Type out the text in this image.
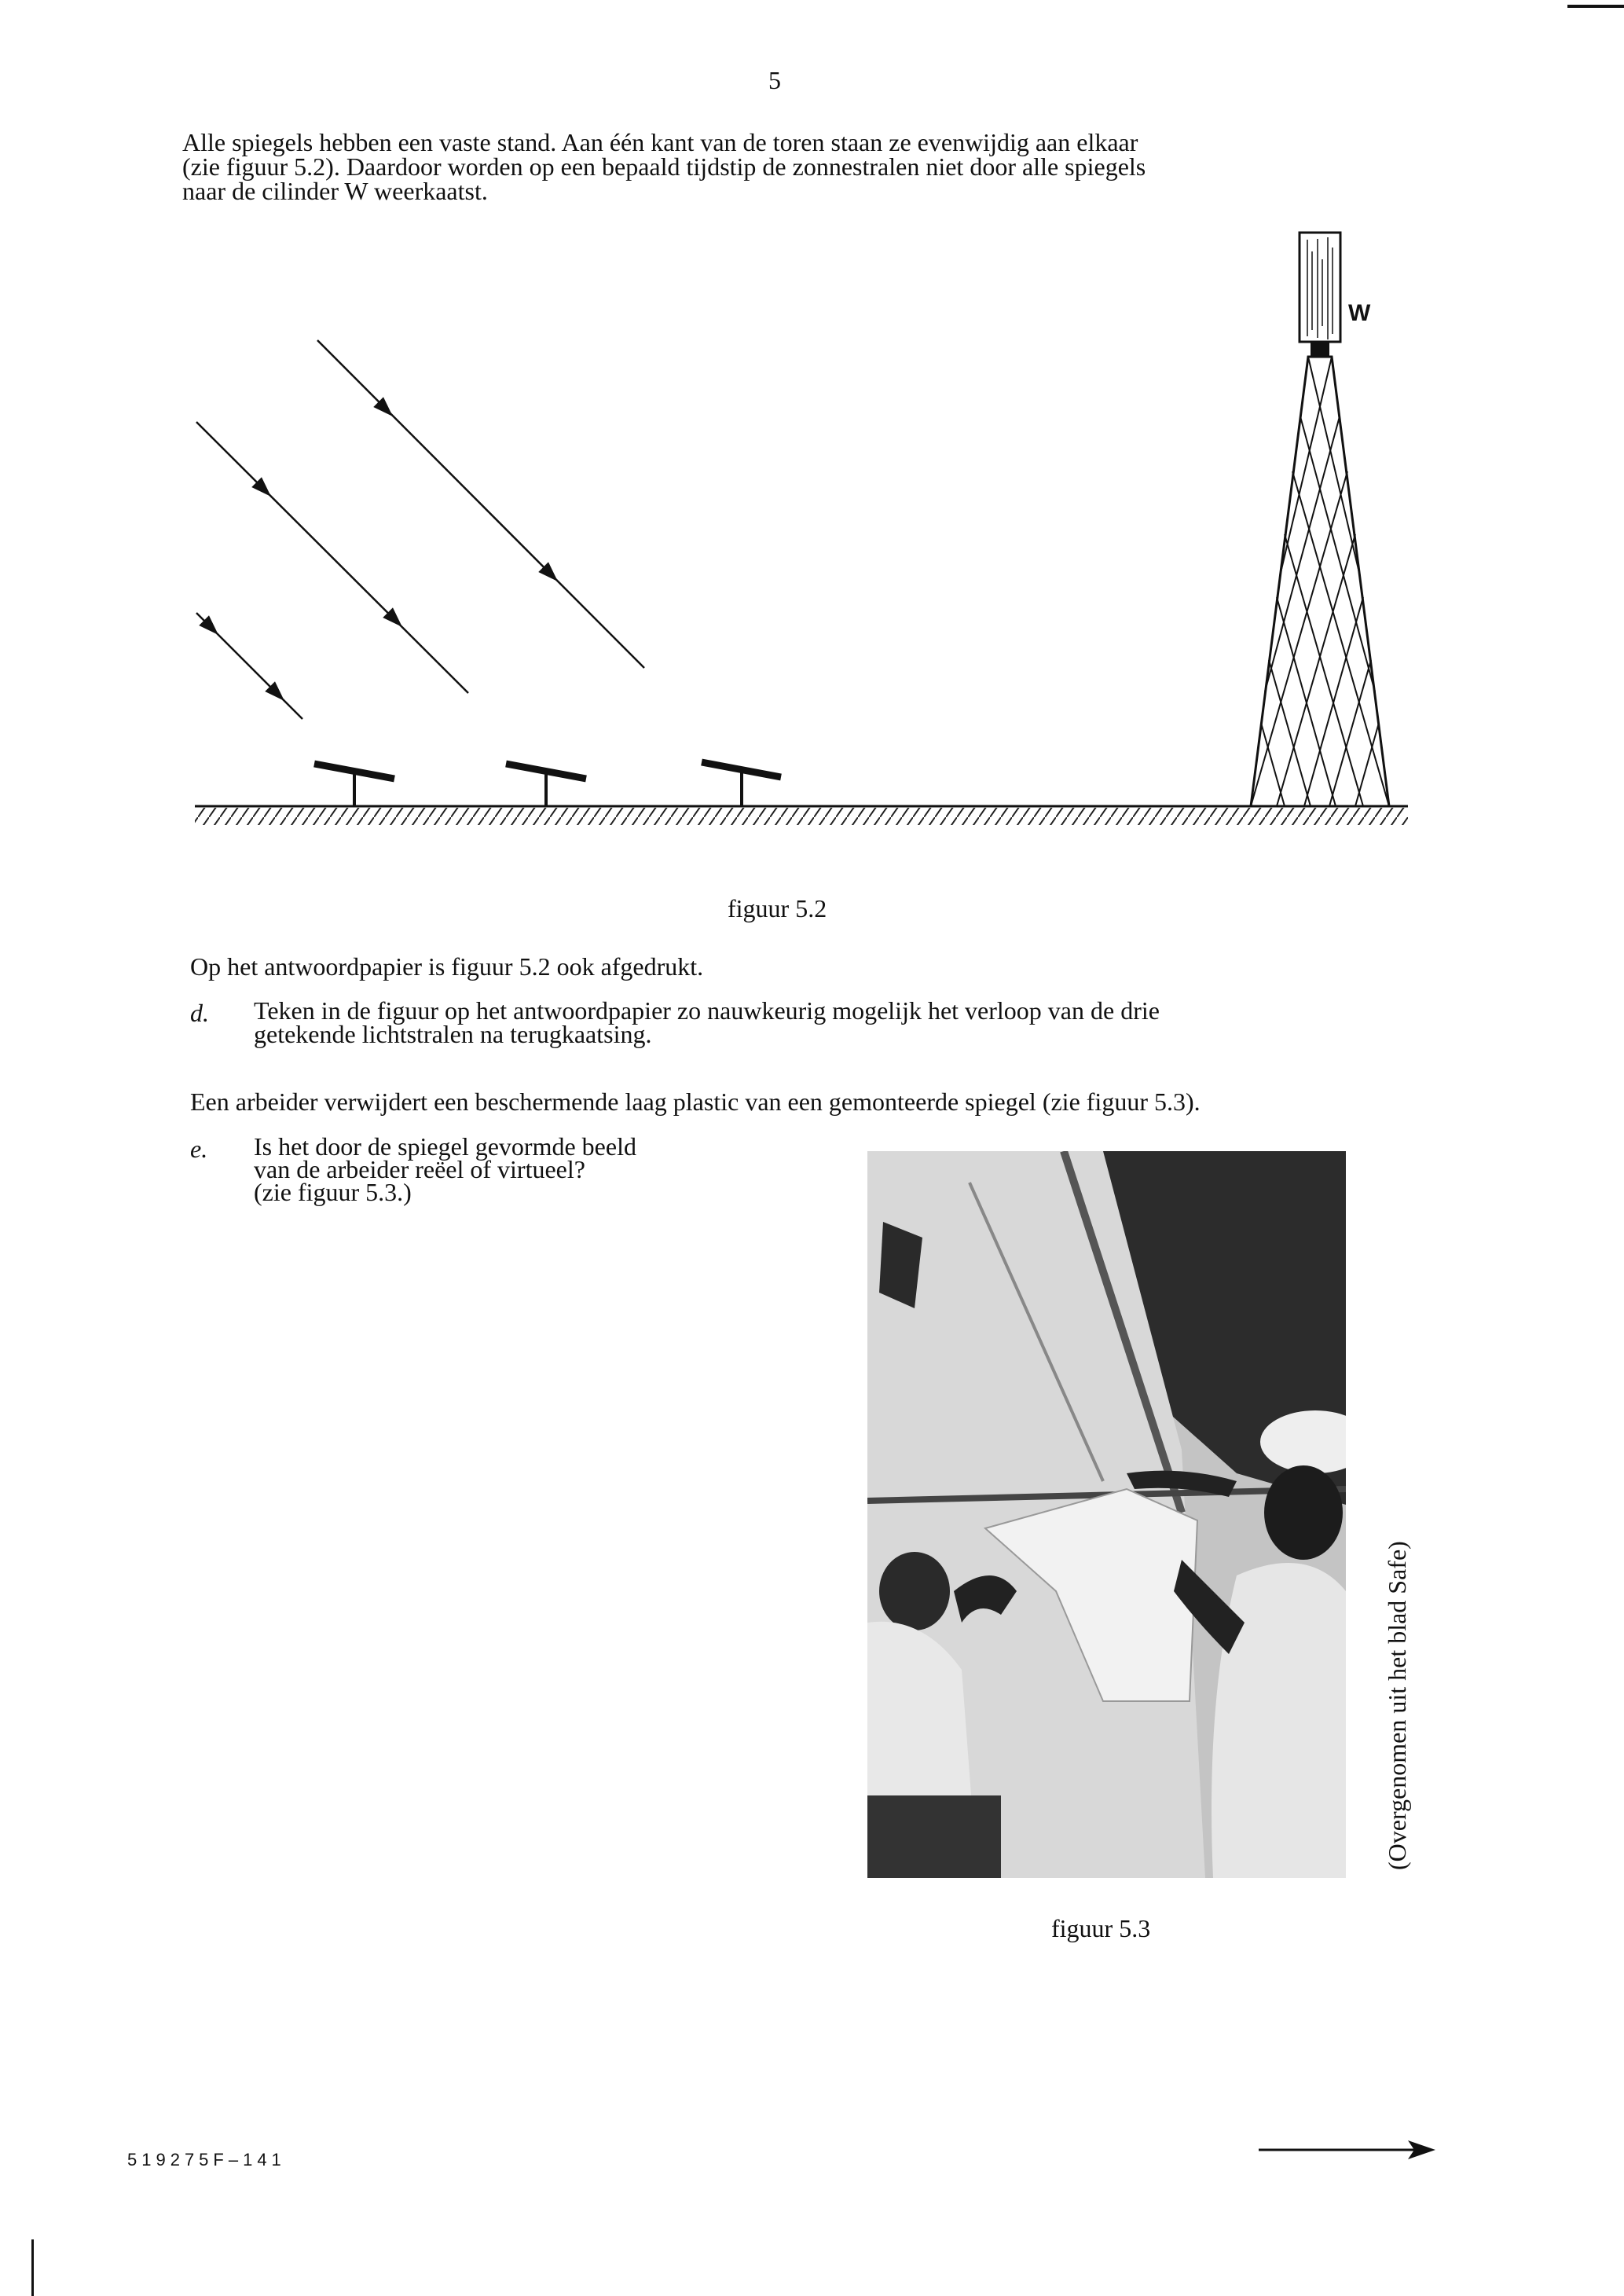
5
Alle spiegels hebben een vaste stand. Aan één kant van de toren staan ze evenwijdig aan elkaar
(zie figuur 5.2). Daardoor worden op een bepaald tijdstip de zonnestralen niet door alle spiegels
naar de cilinder W weerkaatst.
W
figuur 5.2
Op het antwoordpapier is figuur 5.2 ook afgedrukt.
d. Teken in de figuur op het antwoordpapier zo nauwkeurig mogelijk het verloop van de drie
getekende lichtstralen na terugkaatsing.
Een arbeider verwijdert een beschermende laag plastic van een gemonteerde spiegel (zie figuur 5.3).
e. Is het door de spiegel gevormde beeld
van de arbeider reëel of virtueel?
(zie figuur 5.3.)
figuur 5.3
(Overgenomen uit het blad Safe)
519275F–141
